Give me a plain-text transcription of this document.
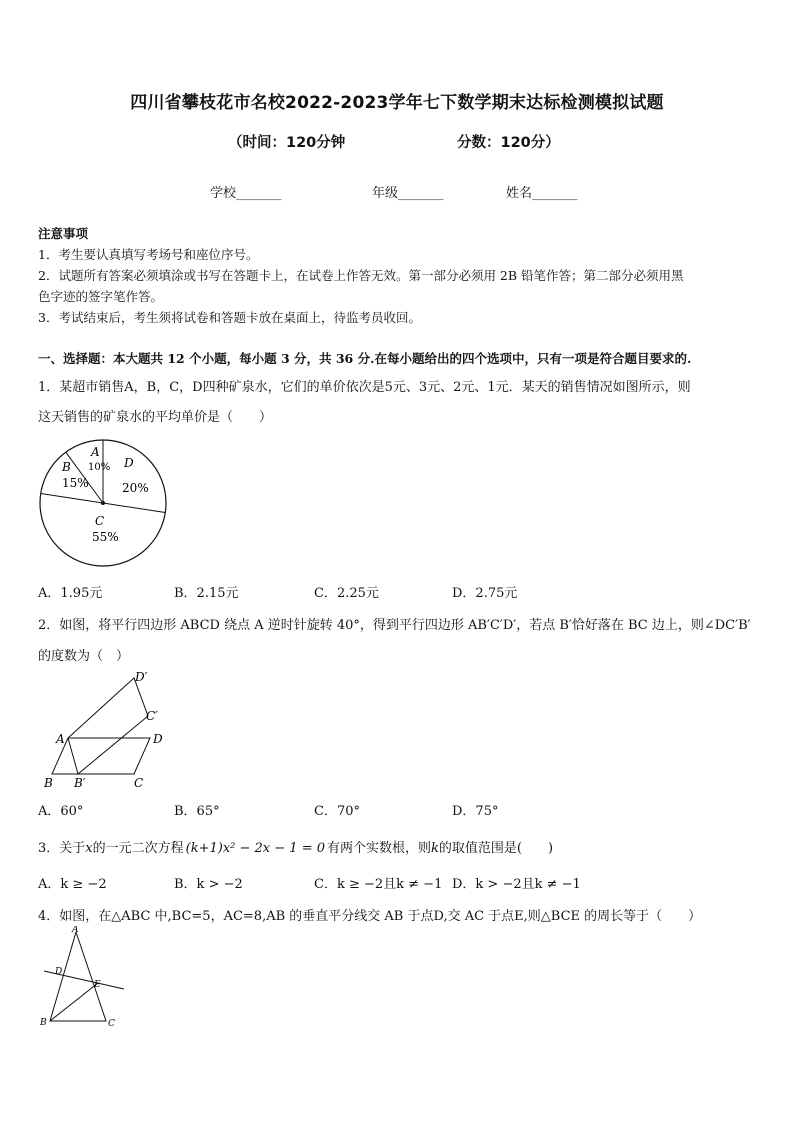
四川省攀枝花市名校2022-2023学年七下数学期末达标检测模拟试题
（时间：120分钟	分数：120分）
学校_______	年级_______	姓名_______
注意事项
1．考生要认真填写考场号和座位序号。
2．试题所有答案必须填涂或书写在答题卡上，在试卷上作答无效。第一部分必须用 2B 铅笔作答；第二部分必须用黑
色字迹的签字笔作答。
3．考试结束后，考生须将试卷和答题卡放在桌面上，待监考员收回。
一、选择题：本大题共 12 个小题，每小题 3 分，共 36 分.在每小题给出的四个选项中，只有一项是符合题目要求的.
1．某超市销售A，B，C，D四种矿泉水，它们的单价依次是5元、3元、2元、1元．某天的销售情况如图所示，则
这天销售的矿泉水的平均单价是（　　）
A
10%
B
15%
D
20%
C
55%
A．1.95元	B．2.15元	C．2.25元	D．2.75元
2．如图，将平行四边形 ABCD 绕点 A 逆时针旋转 40°，得到平行四边形 AB′C′D′，若点 B′恰好落在 BC 边上，则∠DC′B′
的度数为（　）
A	D
B B′	C
C′
D′
A．60°	B．65°	C．70°	D．75°
3．关于x的一元二次方程 (k+1)x² − 2x − 1 = 0 有两个实数根，则k的取值范围是(　　)
A．k ≥ −2	B．k > −2	C．k ≥ −2且k ≠ −1 D．k > −2且k ≠ −1
4．如图，在△ABC 中,BC=5，AC=8,AB 的垂直平分线交 AB 于点D,交 AC 于点E,则△BCE 的周长等于（　　）
A
D
E
B	C
